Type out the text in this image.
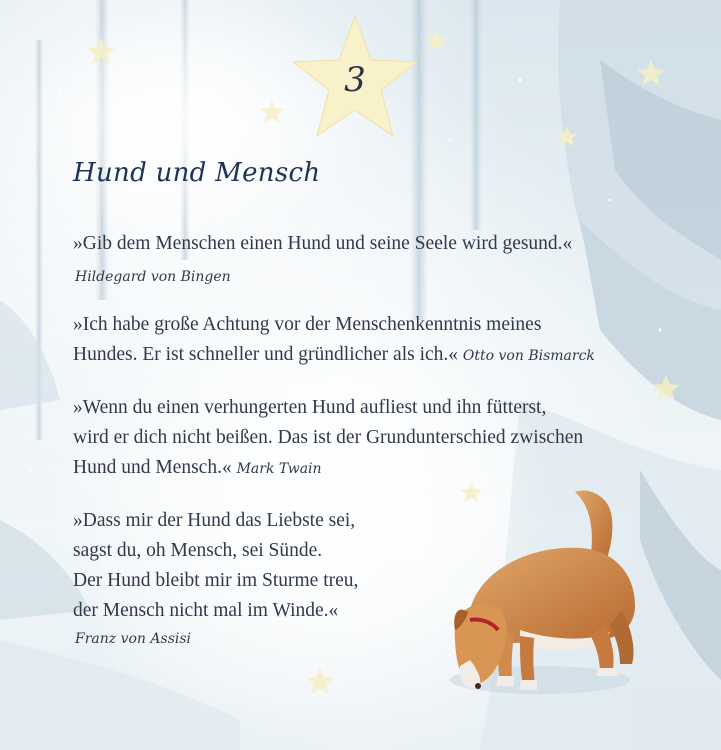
3
Hund und Mensch
»Gib dem Menschen einen Hund und seine Seele wird gesund.«
Hildegard von Bingen
»Ich habe große Achtung vor der Menschenkenntnis meines
Hundes. Er ist schneller und gründlicher als ich.« Otto von Bismarck
»Wenn du einen verhungerten Hund aufliest und ihn fütterst,
wird er dich nicht beißen. Das ist der Grundunterschied zwischen
Hund und Mensch.« Mark Twain
»Dass mir der Hund das Liebste sei,
sagst du, oh Mensch, sei Sünde.
Der Hund bleibt mir im Sturme treu,
der Mensch nicht mal im Winde.«
Franz von Assisi
